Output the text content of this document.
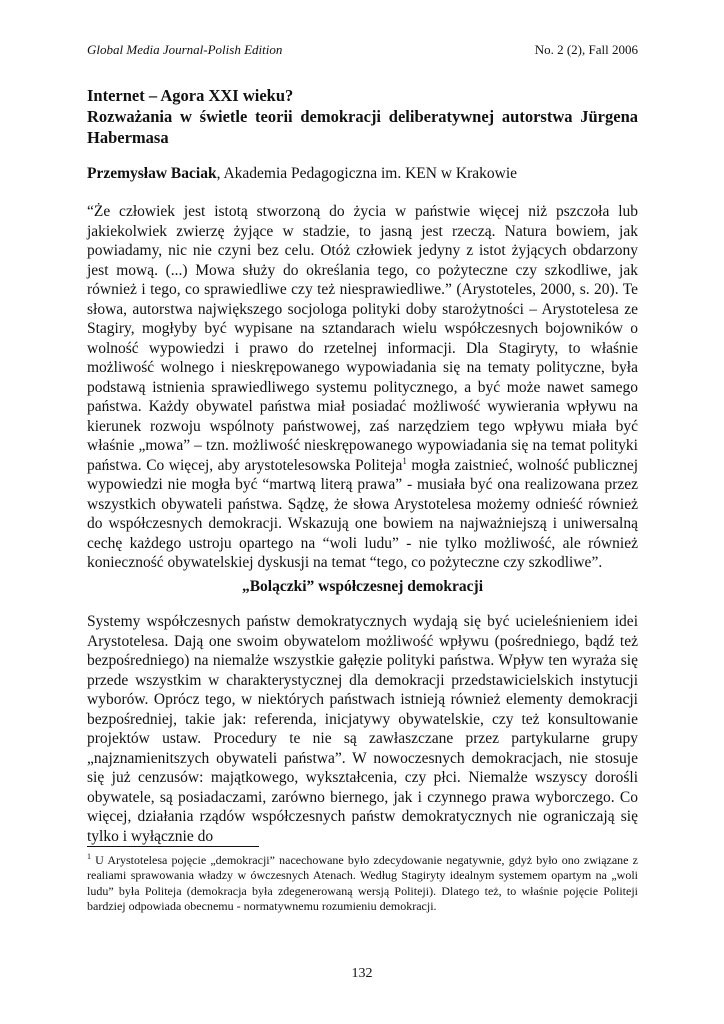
Global Media Journal-Polish Edition	No. 2 (2), Fall 2006
Internet – Agora XXI wieku?
Rozważania w świetle teorii demokracji deliberatywnej autorstwa Jürgena Habermasa
Przemysław Baciak, Akademia Pedagogiczna im. KEN w Krakowie

“Że człowiek jest istotą stworzoną do życia w państwie więcej niż pszczoła lub jakiekolwiek zwierzę żyjące w stadzie, to jasną jest rzeczą. Natura bowiem, jak powiadamy, nic nie czyni bez celu. Otóż człowiek jedyny z istot żyjących obdarzony jest mową. (...) Mowa służy do określania tego, co pożyteczne czy szkodliwe, jak również i tego, co sprawiedliwe czy też niesprawiedliwe.” (Arystoteles, 2000, s. 20). Te słowa, autorstwa największego socjologa polityki doby starożytności – Arystotelesa ze Stagiry, mogłyby być wypisane na sztandarach wielu współczesnych bojowników o wolność wypowiedzi i prawo do rzetelnej informacji. Dla Stagiryty, to właśnie możliwość wolnego i nieskrępowanego wypowiadania się na tematy polityczne, była podstawą istnienia sprawiedliwego systemu politycznego, a być może nawet samego państwa. Każdy obywatel państwa miał posiadać możliwość wywierania wpływu na kierunek rozwoju wspólnoty państwowej, zaś narzędziem tego wpływu miała być właśnie „mowa” – tzn. możliwość nieskrępowanego wypowiadania się na temat polityki państwa. Co więcej, aby arystotelesowska Politeja$^1$ mogła zaistnieć, wolność publicznej wypowiedzi nie mogła być “martwą literą prawa” - musiała być ona realizowana przez wszystkich obywateli państwa. Sądzę, że słowa Arystotelesa możemy odnieść również do współczesnych demokracji. Wskazują one bowiem na najważniejszą i uniwersalną cechę każdego ustroju opartego na “woli ludu” - nie tylko możliwość, ale również konieczność obywatelskiej dyskusji na temat “tego, co pożyteczne czy szkodliwe”.

„Bolączki” współczesnej demokracji

Systemy współczesnych państw demokratycznych wydają się być ucieleśnieniem idei Arystotelesa. Dają one swoim obywatelom możliwość wpływu (pośredniego, bądź też bezpośredniego) na niemalże wszystkie gałęzie polityki państwa. Wpływ ten wyraża się przede wszystkim w charakterystycznej dla demokracji przedstawicielskich instytucji wyborów. Oprócz tego, w niektórych państwach istnieją również elementy demokracji bezpośredniej, takie jak: referenda, inicjatywy obywatelskie, czy też konsultowanie projektów ustaw. Procedury te nie są zawłaszczane przez partykularne grupy „najznamienitszych obywateli państwa”. W nowoczesnych demokracjach, nie stosuje się już cenzusów: majątkowego, wykształcenia, czy płci. Niemalże wszyscy dorośli obywatele, są posiadaczami, zarówno biernego, jak i czynnego prawa wyborczego. Co więcej, działania rządów współczesnych państw demokratycznych nie ograniczają się tylko i wyłącznie do

$^1$ U Arystotelesa pojęcie „demokracji” nacechowane było zdecydowanie negatywnie, gdyż było ono związane z realiami sprawowania władzy w ówczesnych Atenach. Według Stagiryty idealnym systemem opartym na „woli ludu” była Politeja (demokracja była zdegenerowaną wersją Politeji). Dlatego też, to właśnie pojęcie Politeji bardziej odpowiada obecnemu - normatywnemu rozumieniu demokracji.

132
